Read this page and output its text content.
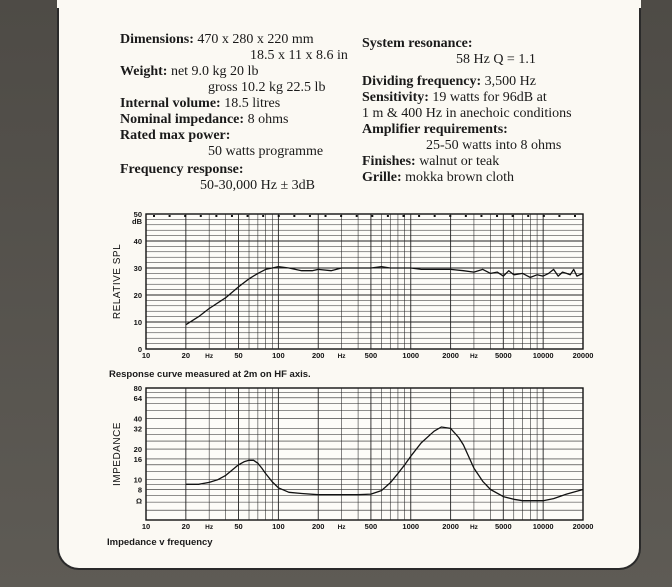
Dimensions: 470 x 280 x 220 mm
18.5 x 11 x 8.6 in
Weight: net 9.0 kg 20 lb
gross 10.2 kg 22.5 lb
Internal volume: 18.5 litres
Nominal impedance: 8 ohms
Rated max power:
50 watts programme
Frequency response:
50-30,000 Hz ± 3dB
System resonance:
58 Hz Q = 1.1
Dividing frequency: 3,500 Hz
Sensitivity: 19 watts for 96dB at
1 m & 400 Hz in anechoic conditions
Amplifier requirements:
25-50 watts into 8 ohms
Finishes: walnut or teak
Grille: mokka brown cloth
50
dB
40
30
20
10
0
10	20 Hz	50	100	200 Hz	500	1000	2000 Hz 5000	10000	20000
RELATIVE SPL
80
64
40
32
20
16
10
8
Ω
10	20 Hz	50	100	200 Hz	500	1000	2000 Hz 5000	10000	20000
IMPEDANCE
Response curve measured at 2m on HF axis.
Impedance v frequency
